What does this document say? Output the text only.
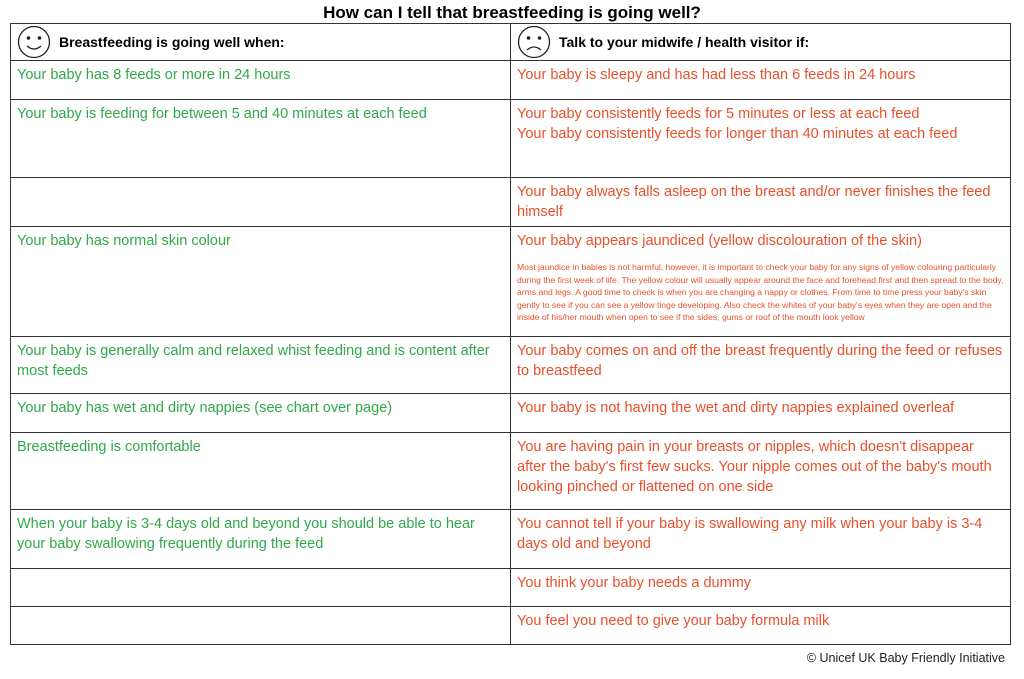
How can I tell that breastfeeding is going well?
Breastfeeding is going well when:	Talk to your midwife / health visitor if:

Your baby has 8 feeds or more in 24 hours	Your baby is sleepy and has had less than 6 feeds in 24 hours

Your baby is feeding for between 5 and 40 minutes at each feed	Your baby consistently feeds for 5 minutes or less at each feed
Your baby consistently feeds for longer than 40 minutes at each feed

	Your baby always falls asleep on the breast and/or never finishes the feed himself

Your baby has normal skin colour	Your baby appears jaundiced (yellow discolouration of the skin)
Most jaundice in babies is not harmful, however, it is important to check your baby for any signs of yellow colouring particularly during the first week of life. The yellow colour will usually appear around the face and forehead first and then spread to the body, arms and legs. A good time to check is when you are changing a nappy or clothes. From time to time press your baby's skin gently to see if you can see a yellow tinge developing. Also check the whites of your baby's eyes when they are open and the inside of his/her mouth when open to see if the sides, gums or roof of the mouth look yellow

Your baby is generally calm and relaxed whist feeding and is content after most feeds	Your baby comes on and off the breast frequently during the feed or refuses to breastfeed

Your baby has wet and dirty nappies (see chart over page)	Your baby is not having the wet and dirty nappies explained overleaf

Breastfeeding is comfortable	You are having pain in your breasts or nipples, which doesn't disappear after the baby's first few sucks. Your nipple comes out of the baby's mouth looking pinched or flattened on one side

When your baby is 3-4 days old and beyond you should be able to hear your baby swallowing frequently during the feed	You cannot tell if your baby is swallowing any milk when your baby is 3-4 days old and beyond

	You think your baby needs a dummy

	You feel you need to give your baby formula milk
© Unicef UK Baby Friendly Initiative
